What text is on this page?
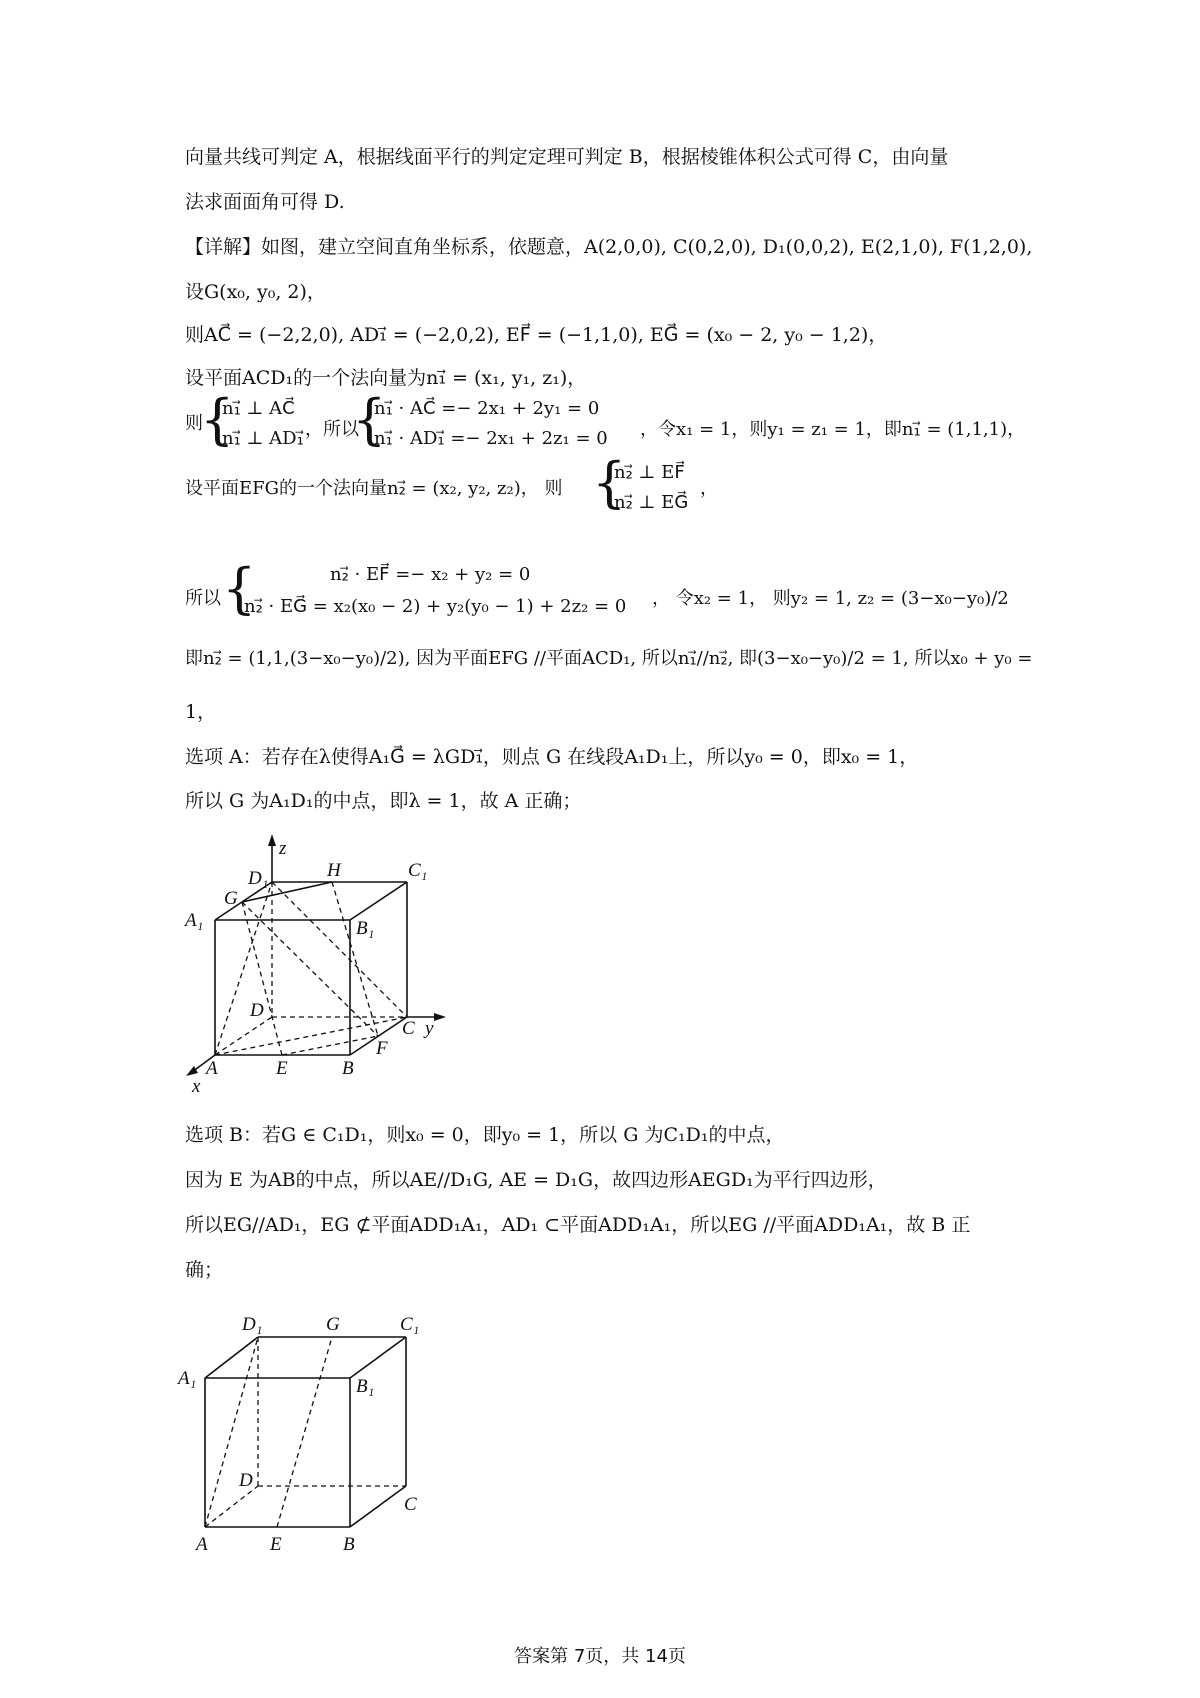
向量共线可判定 A，根据线面平行的判定定理可判定 B，根据棱锥体积公式可得 C，由向量
法求面面角可得 D.
【详解】如图，建立空间直角坐标系，依题意，A(2,0,0), C(0,2,0), D₁(0,0,2), E(2,1,0), F(1,2,0),
设G(x₀, y₀, 2)，
则AC⃗ = (−2,2,0), AD₁⃗ = (−2,0,2), EF⃗ = (−1,1,0), EG⃗ = (x₀ − 2, y₀ − 1,2)，
设平面ACD₁的一个法向量为n₁⃗ = (x₁, y₁, z₁)，
则
{
n₁⃗ ⊥ AC⃗
n₁⃗ ⊥ AD₁⃗ ，所以
{
n₁⃗ · AC⃗ =− 2x₁ + 2y₁ = 0
n₁⃗ · AD₁⃗ =− 2x₁ + 2z₁ = 0 ，令x₁ = 1，则y₁ = z₁ = 1，即n₁⃗ = (1,1,1)，
设平面EFG的一个法向量n₂⃗ = (x₂, y₂, z₂)， 则 {
n₂⃗ ⊥ EF⃗
n₂⃗ ⊥ EG⃗
，
所以 {	n₂⃗ · EF⃗ =− x₂ + y₂ = 0
n₂⃗ · EG⃗ = x₂(x₀ − 2) + y₂(y₀ − 1) + 2z₂ = 0 ， 令x₂ = 1， 则y₂ = 1, z₂ = (3−x₀−y₀)/2
即n₂⃗ = (1,1,(3−x₀−y₀)/2), 因为平面EFG //平面ACD₁, 所以n₁⃗//n₂⃗, 即(3−x₀−y₀)/2 = 1, 所以x₀ + y₀ =
1，
选项 A：若存在λ使得A₁G⃗ = λGD₁⃗，则点 G 在线段A₁D₁上，所以y₀ = 0，即x₀ = 1，
所以 G 为A₁D₁的中点，即λ = 1，故 A 正确；
D₁
z
H	C₁
G
A₁	B₁
D
C y
F
A	E	B
x
选项 B：若G ∈ C₁D₁，则x₀ = 0，即y₀ = 1，所以 G 为C₁D₁的中点，
因为 E 为AB的中点，所以AE//D₁G, AE = D₁G，故四边形AEGD₁为平行四边形，
所以EG//AD₁，EG ⊄平面ADD₁A₁，AD₁ ⊂平面ADD₁A₁，所以EG //平面ADD₁A₁，故 B 正
确；
D₁	G	C₁
A₁	B₁
D
C
A	E	B
答案第 7页，共 14页
